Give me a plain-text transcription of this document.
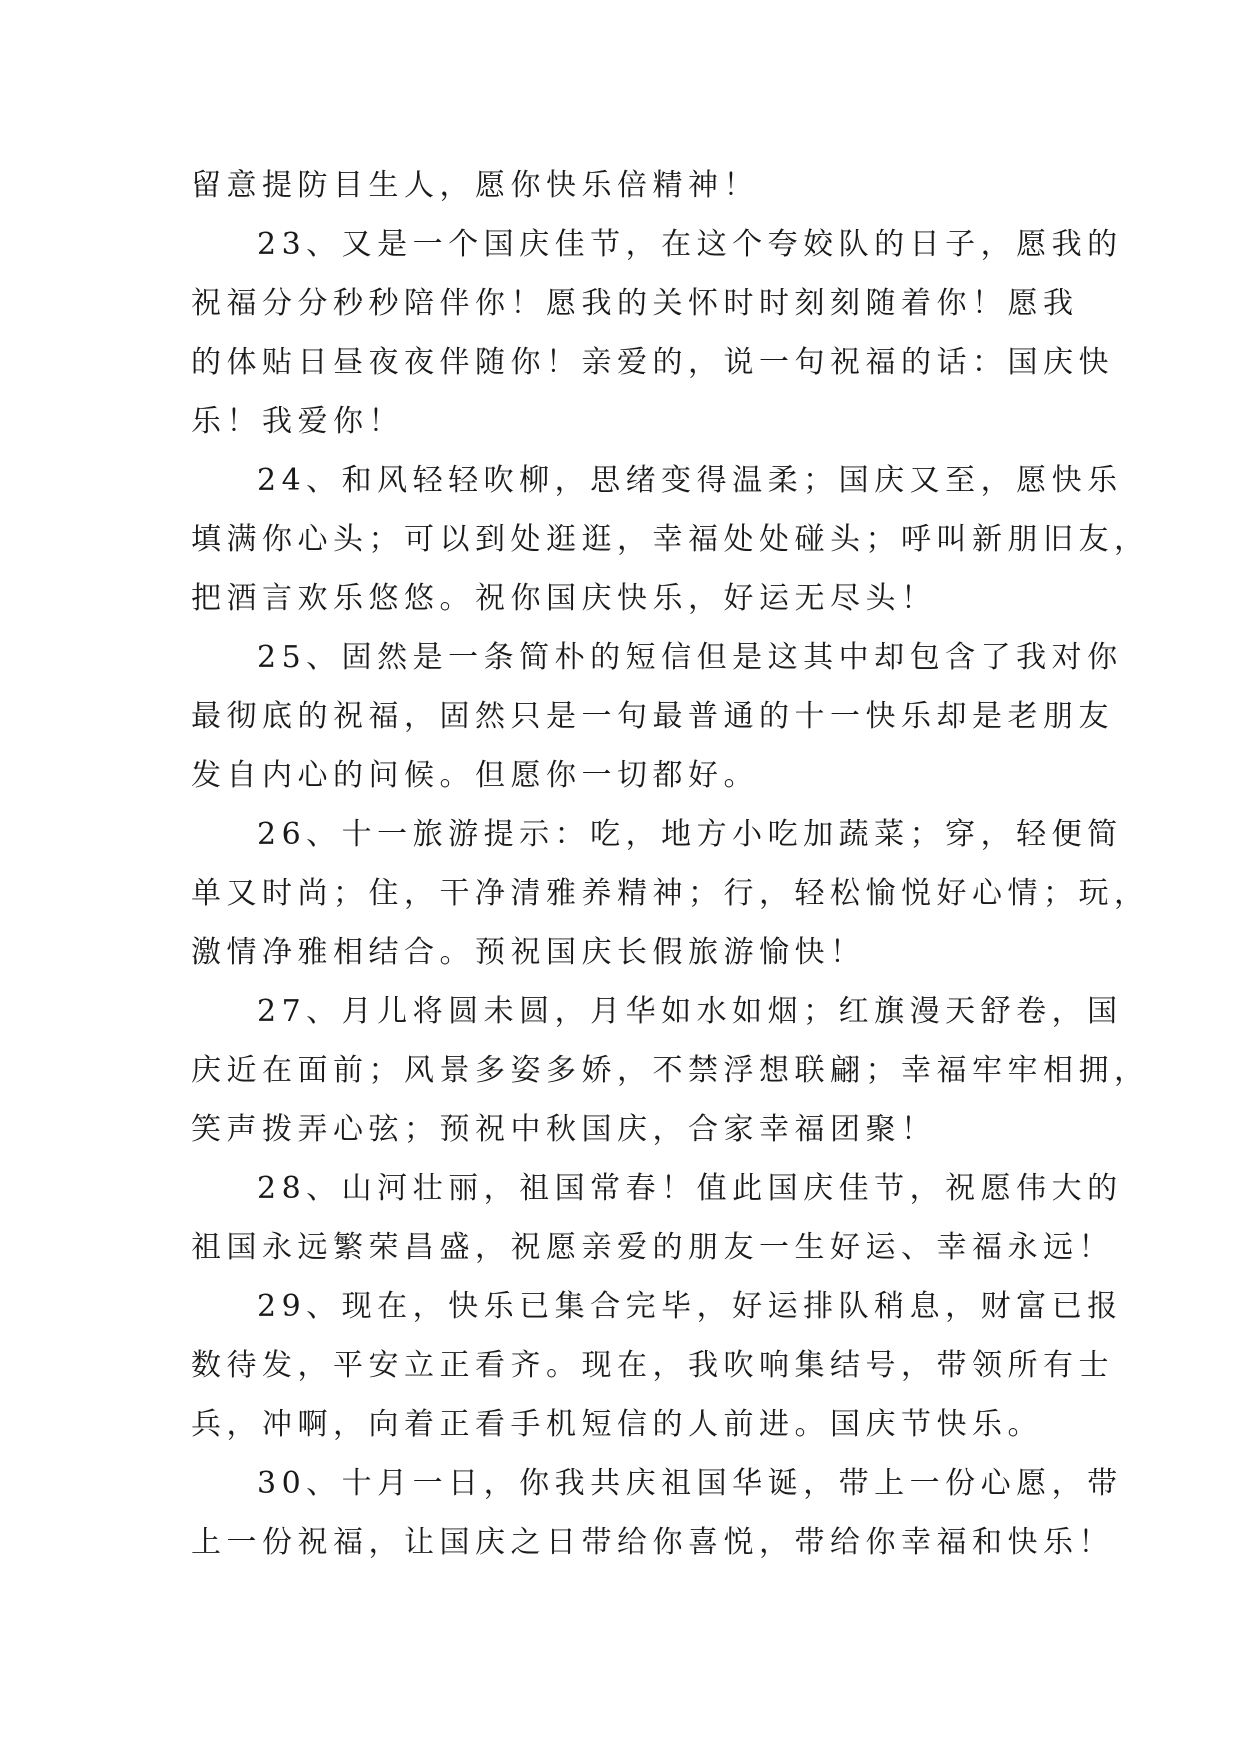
留意提防目生人，愿你快乐倍精神！
23、又是一个国庆佳节，在这个夸姣队的日子，愿我的
祝福分分秒秒陪伴你！愿我的关怀时时刻刻随着你！愿我
的体贴日昼夜夜伴随你！亲爱的，说一句祝福的话：国庆快
乐！我爱你！
24、和风轻轻吹柳，思绪变得温柔；国庆又至，愿快乐
填满你心头；可以到处逛逛，幸福处处碰头；呼叫新朋旧友，
把酒言欢乐悠悠。祝你国庆快乐，好运无尽头！
25、固然是一条简朴的短信但是这其中却包含了我对你
最彻底的祝福，固然只是一句最普通的十一快乐却是老朋友
发自内心的问候。但愿你一切都好。
26、十一旅游提示：吃，地方小吃加蔬菜；穿，轻便简
单又时尚；住，干净清雅养精神；行，轻松愉悦好心情；玩，
激情净雅相结合。预祝国庆长假旅游愉快！
27、月儿将圆未圆，月华如水如烟；红旗漫天舒卷，国
庆近在面前；风景多姿多娇，不禁浮想联翩；幸福牢牢相拥，
笑声拨弄心弦；预祝中秋国庆，合家幸福团聚！
28、山河壮丽，祖国常春！值此国庆佳节，祝愿伟大的
祖国永远繁荣昌盛，祝愿亲爱的朋友一生好运、幸福永远！
29、现在，快乐已集合完毕，好运排队稍息，财富已报
数待发，平安立正看齐。现在，我吹响集结号，带领所有士
兵，冲啊，向着正看手机短信的人前进。国庆节快乐。
30、十月一日，你我共庆祖国华诞，带上一份心愿，带
上一份祝福，让国庆之日带给你喜悦，带给你幸福和快乐！
